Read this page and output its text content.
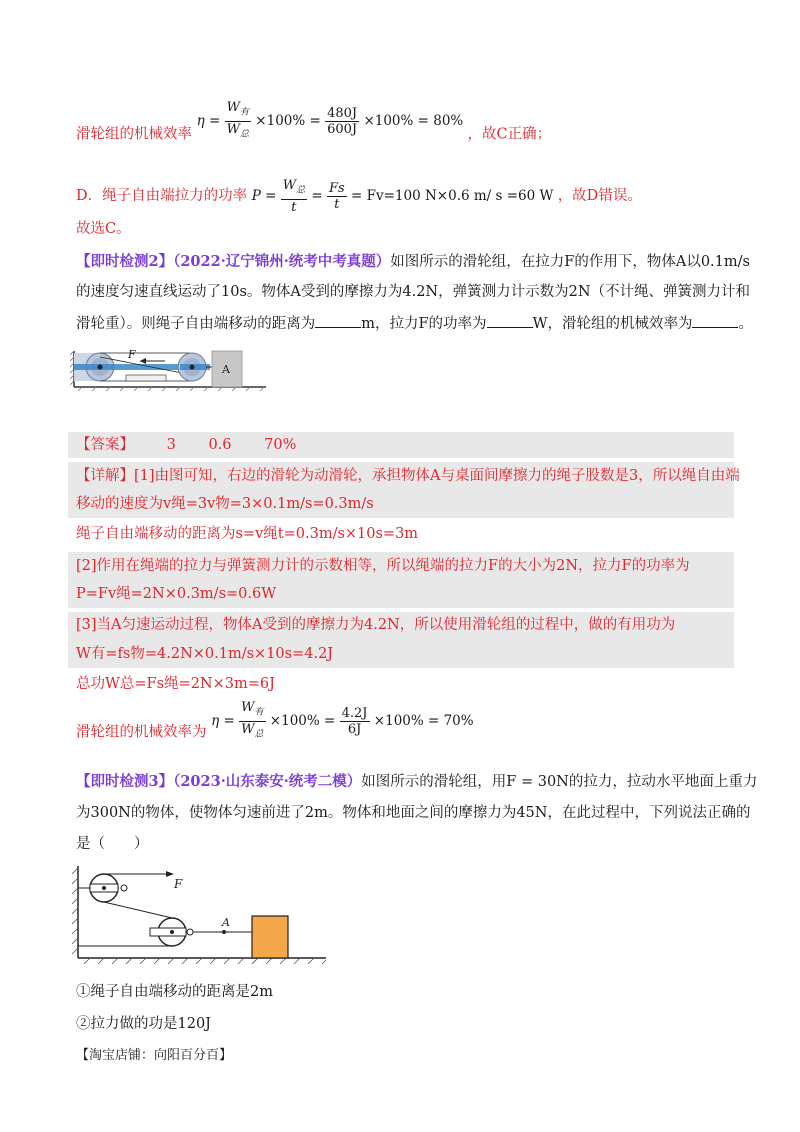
滑轮组的机械效率 $\eta = \frac{W_有}{W_总} \times 100\% = \frac{480J}{600J} \times 100\% = 80\%$ ，故C正确；
D．绳子自由端拉力的功率 $P = \frac{W_总}{t} = \frac{Fs}{t} = Fv=100$ N×0.6 m/ s =60 W ，故D错误。
故选C。
【即时检测2】（2022·辽宁锦州·统考中考真题）如图所示的滑轮组，在拉力F的作用下，物体A以0.1m/s
的速度匀速直线运动了10s。物体A受到的摩擦力为4.2N，弹簧测力计示数为2N（不计绳、弹簧测力计和
滑轮重）。则绳子自由端移动的距离为	m，拉力F的功率为	W，滑轮组的机械效率为	。
F
A
【答案】 3 0.6 70%
【详解】[1]由图可知，右边的滑轮为动滑轮，承担物体A与桌面间摩擦力的绳子股数是3，所以绳自由端
移动的速度为v绳=3v物=3×0.1m/s=0.3m/s
绳子自由端移动的距离为s=v绳t=0.3m/s×10s=3m
[2]作用在绳端的拉力与弹簧测力计的示数相等，所以绳端的拉力F的大小为2N，拉力F的功率为
P=Fv绳=2N×0.3m/s=0.6W
[3]当A匀速运动过程，物体A受到的摩擦力为4.2N，所以使用滑轮组的过程中，做的有用功为
W有=fs物=4.2N×0.1m/s×10s=4.2J
总功W总=Fs绳=2N×3m=6J
滑轮组的机械效率为 $\eta = \frac{W_有}{W_总} \times 100\% = \frac{4.2J}{6J} \times 100\% = 70\%$
【即时检测3】（2023·山东泰安·统考二模）如图所示的滑轮组，用F = 30N的拉力，拉动水平地面上重力
为300N的物体，使物体匀速前进了2m。物体和地面之间的摩擦力为45N，在此过程中，下列说法正确的
是（　　）
F
A
①绳子自由端移动的距离是2m
②拉力做的功是120J
【淘宝店铺：向阳百分百】
